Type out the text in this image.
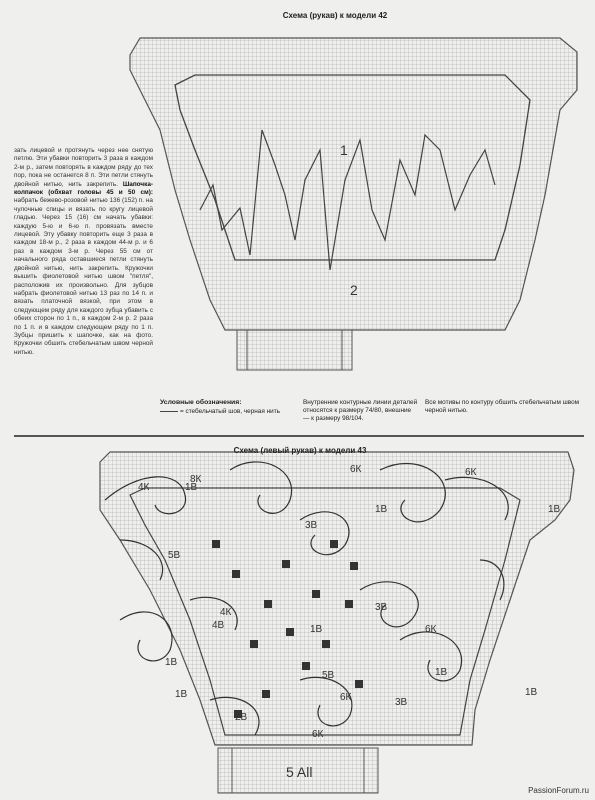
1
2
1В
4К
8К
6К
5В
6К
3В
1В	1В
4В	6К
3В
1В
4К
1В
5В
2В
1В
3В
6К	1В
1В
6К
5 All
Схема (рукав) к модели 42
Схема (левый рукав) к модели 43
зать лицевой и протянуть через нее снятую петлю. Эти убавки повторить 3 раза в каждом 2-м р., затем повторять в каждом ряду до тех пор, пока не останется 8 п. Эти петли стянуть двойной нитью, нить закрепить. Шапочка-колпачок (обхват головы 45 и 50 см): набрать бежево-розовой нитью 136 (152) п. на чулочные спицы и вязать по кругу лицевой гладью. Через 15 (16) см начать убавки: каждую 5-ю и 6-ю п. провязать вместе лицевой. Эту убавку повторить еще 3 раза в каждом 18-м р., 2 раза в каждом 44-м р. и 6 раз в каждом 3-м р. Через 55 см от начального ряда оставшиеся петли стянуть двойной нитью, нить закрепить. Кружочки вышить фиолетовой нитью швом "петля", расположив их произвольно. Для зубцов набрать фиолетовой нитью 13 раз по 14 п. и вязать платочной вязкой, при этом в следующем ряду для каждого зубца убавить с обеих сторон по 1 п., в каждом 2-м р. 2 раза по 1 п. и в каждом следующем ряду по 1 п. Зубцы пришить к шапочке, как на фото. Кружочки обшить стебельчатым швом черной нитью.
Условные обозначения:
= стебельчатый шов, черная нить
Внутренние контурные линии деталей относятся к размеру 74/80, внешние — к размеру 98/104.
Все мотивы по контуру обшить стебельчатым швом черной нитью.
PassionForum.ru
